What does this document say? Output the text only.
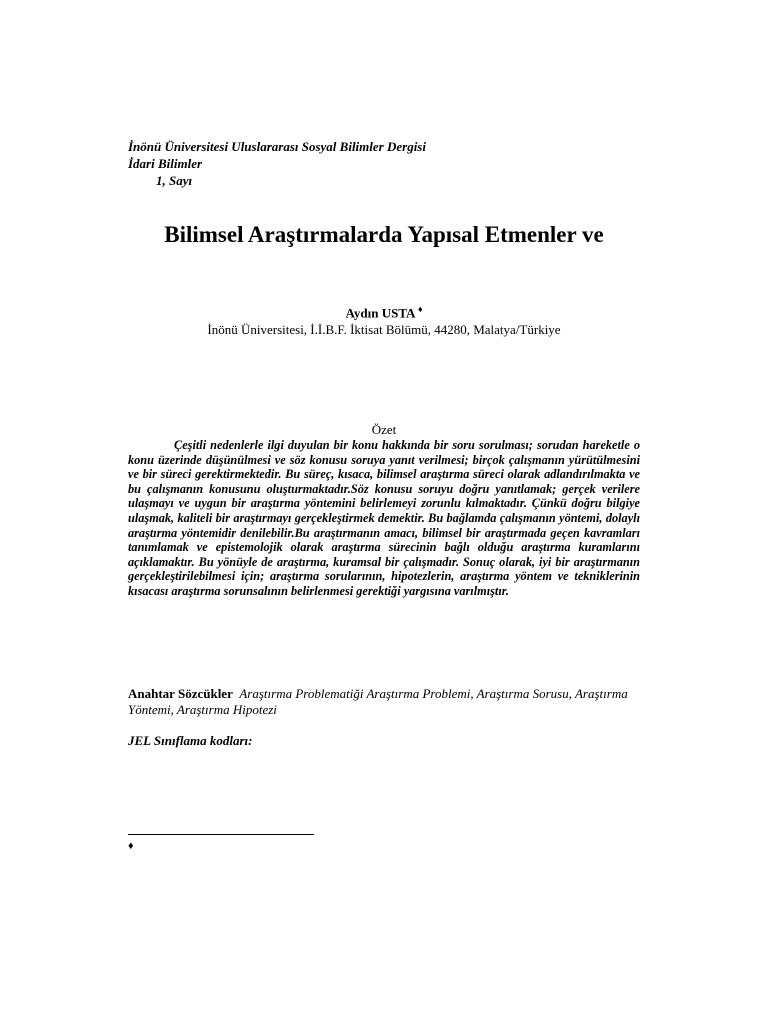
İnönü Üniversitesi Uluslararası Sosyal Bilimler Dergisi
İdari Bilimler
1, Sayı
Bilimsel Araştırmalarda Yapısal Etmenler ve
Aydın USTA ♦
İnönü Üniversitesi, İ.İ.B.F. İktisat Bölümü, 44280, Malatya/Türkiye
Özet
Çeşitli nedenlerle ilgi duyulan bir konu hakkında bir soru sorulması; sorudan hareketle o konu üzerinde düşünülmesi ve söz konusu soruya yanıt verilmesi; birçok çalışmanın yürütülmesini ve bir süreci gerektirmektedir. Bu süreç, kısaca, bilimsel araştırma süreci olarak adlandırılmakta ve bu çalışmanın konusunu oluşturmaktadır.Söz konusu soruyu doğru yanıtlamak; gerçek verilere ulaşmayı ve uygun bir araştırma yöntemini belirlemeyi zorunlu kılmaktadır. Çünkü doğru bilgiye ulaşmak, kaliteli bir araştırmayı gerçekleştirmek demektir. Bu bağlamda çalışmanın yöntemi, dolaylı araştırma yöntemidir denilebilir.Bu araştırmanın amacı, bilimsel bir araştırmada geçen kavramları tanımlamak ve epistemolojik olarak araştırma sürecinin bağlı olduğu araştırma kuramlarını açıklamaktır. Bu yönüyle de araştırma, kuramsal bir çalışmadır. Sonuç olarak, iyi bir araştırmanın gerçekleştirilebilmesi için; araştırma sorularının, hipotezlerin, araştırma yöntem ve tekniklerinin kısacası araştırma sorunsalının belirlenmesi gerektiği yargısına varılmıştır.
Anahtar Sözcükler Araştırma Problematiği Araştırma Problemi, Araştırma Sorusu, Araştırma Yöntemi, Araştırma Hipotezi
JEL Sınıflama kodları:
♦
